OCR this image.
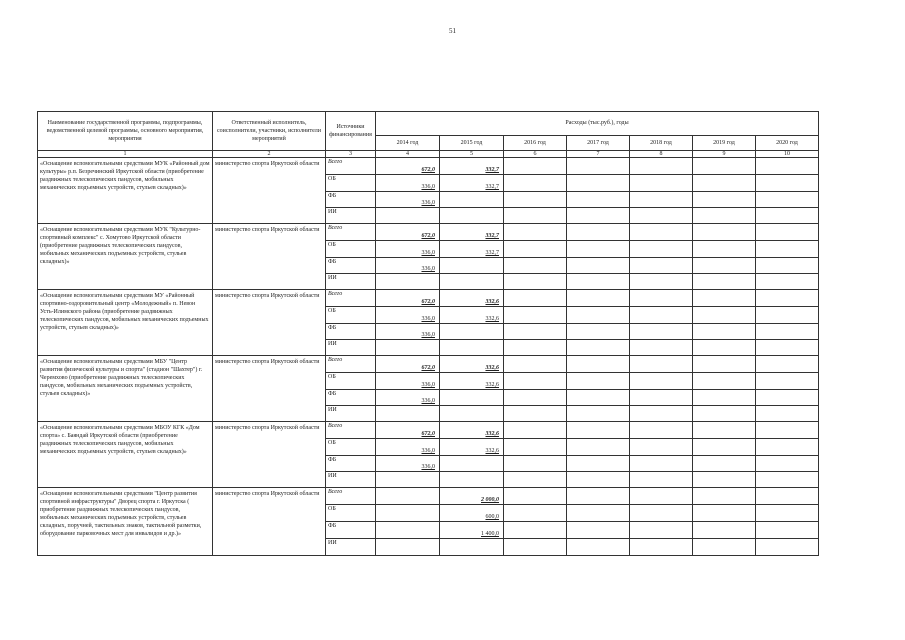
51
Наименование государственной программы, подпрограммы, ведомственной целевой программы, основного мероприятия, мероприятия	Ответственный исполнитель, соисполнители, участники, исполнители мероприятий	Источники финансирования	Расходы (тыс.руб.), годы						
			2014 год	2015 год	2016 год	2017 год	2018 год	2019 год	2020 год
1	2	3	4	5	6	7	8	9	10
«Оснащение вспомогательными средствами МУК «Районный дом культуры» р.п. Безречинский Иркутской области (приобретение раздвижных телескопических пандусов, мобильных механических подъемных устройств, стульев складных)»	министерство спорта Иркутской области	Всего	672,0	332,7					
		ОБ	336,0	332,7					
		ФБ	336,0						
		ИИ							
«Оснащение вспомогательными средствами МУК "Культурно-спортивный комплекс" с. Хомутово Иркутской области (приобретение раздвижных телескопических пандусов, мобильных механических подъемных устройств, стульев складных)»	министерство спорта Иркутской области	Всего	672,0	332,7					
		ОБ	336,0	332,7					
		ФБ	336,0						
		ИИ							
«Оснащение вспомогательными средствами МУ «Районный спортивно-оздоровительный центр «Молодежный» п. Невон Усть-Илимского района (приобретение раздвижных телескопических пандусов, мобильных механических подъемных устройств, стульев складных)»	министерство спорта Иркутской области	Всего	672,0	332,6					
		ОБ	336,0	332,6					
		ФБ	336,0						
		ИИ							
«Оснащение вспомогательными средствами МБУ "Центр развития физической культуры и спорта" (стадион "Шахтер") г. Черемхово (приобретение раздвижных телескопических пандусов, мобильных механических подъемных устройств, стульев складных)»	министерство спорта Иркутской области	Всего	672,0	332,6					
		ОБ	336,0	332,6					
		ФБ	336,0						
		ИИ							
«Оснащение вспомогательными средствами МБОУ КГК «Дом спорта» с. Баяндай Иркутской области (приобретение раздвижных телескопических пандусов, мобильных механических подъемных устройств, стульев складных)»	министерство спорта Иркутской области	Всего	672,0	332,6					
		ОБ	336,0	332,6					
		ФБ	336,0						
		ИИ							
«Оснащение вспомогательными средствами "Центр развития спортивной инфраструктуры" Дворец спорта г. Иркутска ( приобретение раздвижных телескопических пандусов, мобильных механических подъемных устройств, стульев складных, поручней, тактильных знаков, тактильной разметки, оборудование парковочных мест для инвалидов и др.)»	министерство спорта Иркутской области	Всего		2 000,0					
		ОБ		600,0					
		ФБ		1 400,0					
		ИИ							
